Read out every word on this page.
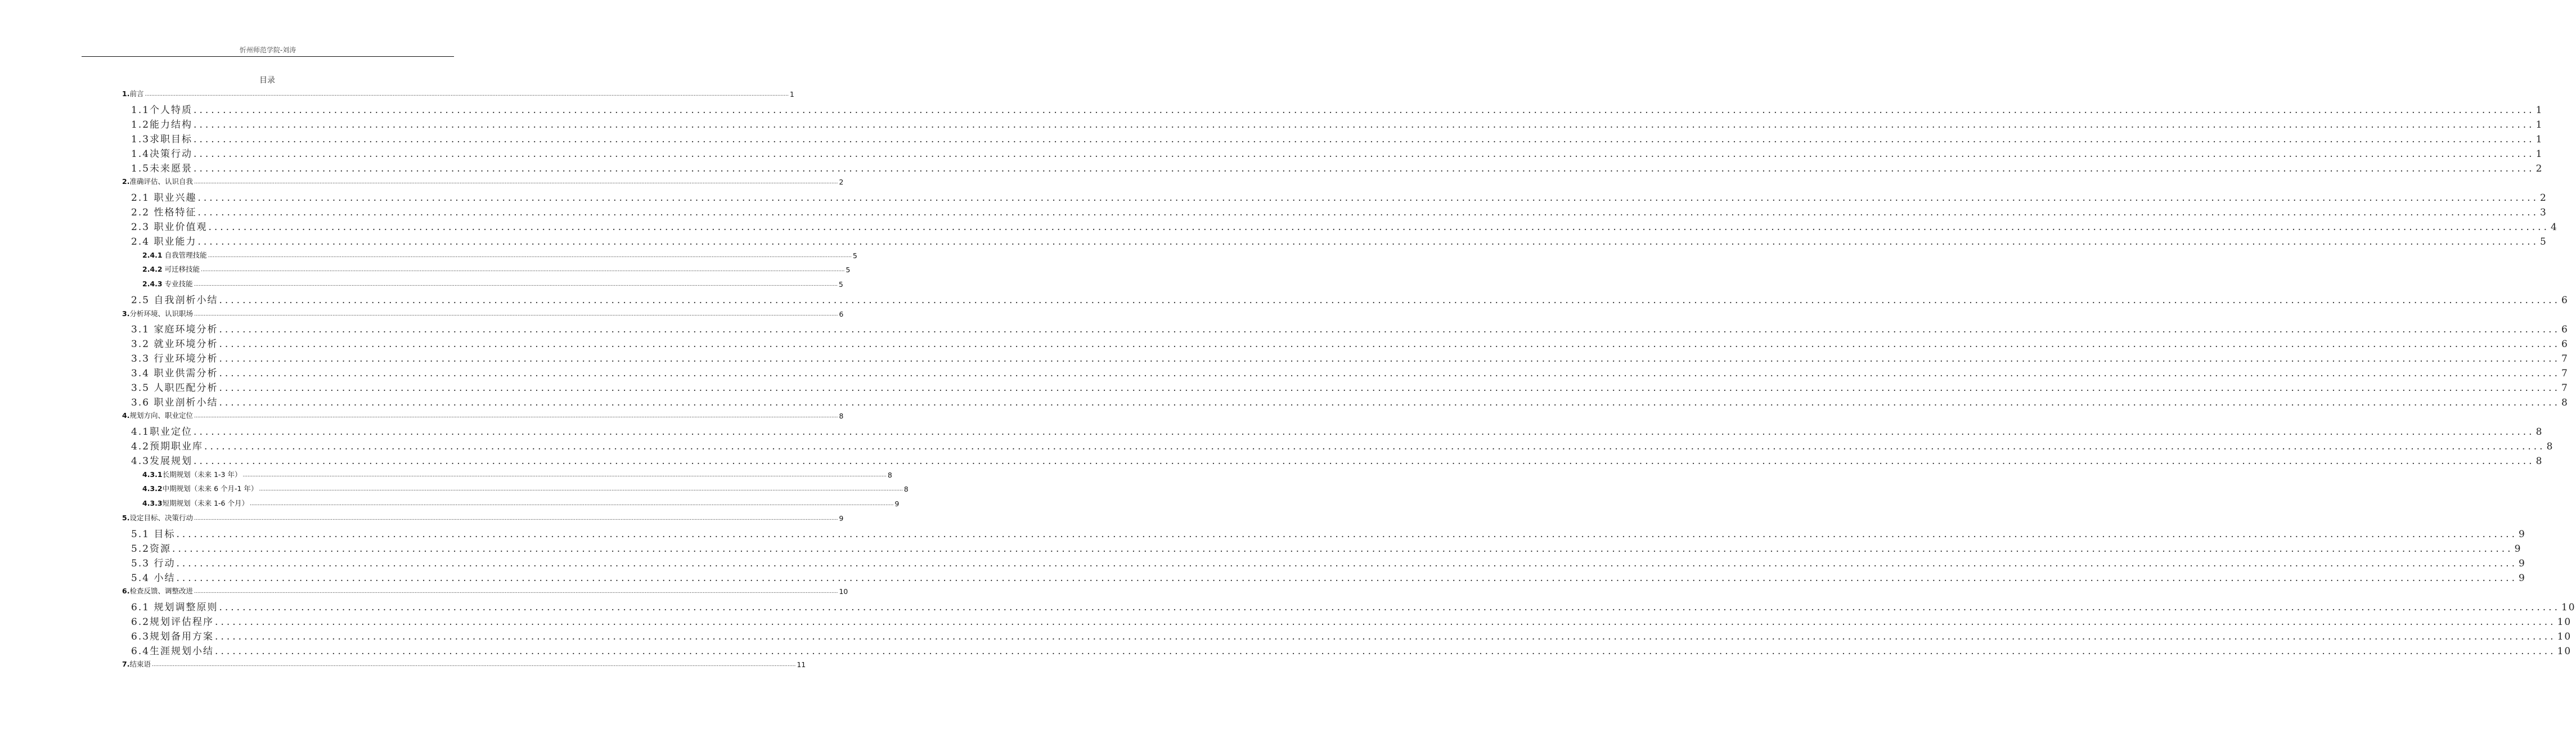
忻州师范学院-刘涛
目录
1.前言 ................................................................................................................................................................................................................................................................................................................................................................................................................ 1
1.1个人特质 ................................................................................................................................................................................................................................................................................................................................................................................................................ 1
1.2能力结构 ................................................................................................................................................................................................................................................................................................................................................................................................................ 1
1.3求职目标 ................................................................................................................................................................................................................................................................................................................................................................................................................ 1
1.4决策行动 ................................................................................................................................................................................................................................................................................................................................................................................................................ 1
1.5未来愿景 ................................................................................................................................................................................................................................................................................................................................................................................................................ 2
2.准确评估、认识自我 ................................................................................................................................................................................................................................................................................................................................................................................................................ 2
2.1 职业兴趣 ................................................................................................................................................................................................................................................................................................................................................................................................................ 2
2.2 性格特征 ................................................................................................................................................................................................................................................................................................................................................................................................................ 3
2.3 职业价值观 ................................................................................................................................................................................................................................................................................................................................................................................................................ 4
2.4 职业能力 ................................................................................................................................................................................................................................................................................................................................................................................................................ 5
2.4.1 自我管理技能 ................................................................................................................................................................................................................................................................................................................................................................................................................ 5
2.4.2 可迁移技能 ................................................................................................................................................................................................................................................................................................................................................................................................................ 5
2.4.3 专业技能 ................................................................................................................................................................................................................................................................................................................................................................................................................ 5
2.5 自我剖析小结 ................................................................................................................................................................................................................................................................................................................................................................................................................ 6
3.分析环境、认识职场 ................................................................................................................................................................................................................................................................................................................................................................................................................ 6
3.1 家庭环境分析 ................................................................................................................................................................................................................................................................................................................................................................................................................ 6
3.2 就业环境分析 ................................................................................................................................................................................................................................................................................................................................................................................................................ 6
3.3 行业环境分析 ................................................................................................................................................................................................................................................................................................................................................................................................................ 7
3.4 职业供需分析 ................................................................................................................................................................................................................................................................................................................................................................................................................ 7
3.5 人职匹配分析 ................................................................................................................................................................................................................................................................................................................................................................................................................ 7
3.6 职业剖析小结 ................................................................................................................................................................................................................................................................................................................................................................................................................ 8
4.规划方向、职业定位 ................................................................................................................................................................................................................................................................................................................................................................................................................ 8
4.1职业定位 ................................................................................................................................................................................................................................................................................................................................................................................................................ 8
4.2预期职业库 ................................................................................................................................................................................................................................................................................................................................................................................................................ 8
4.3发展规划 ................................................................................................................................................................................................................................................................................................................................................................................................................ 8
4.3.1长期规划（未来 1-3 年） ................................................................................................................................................................................................................................................................................................................................................................................................................ 8
4.3.2中期规划（未来 6 个月-1 年） ................................................................................................................................................................................................................................................................................................................................................................................................................ 8
4.3.3短期规划（未来 1-6 个月） ................................................................................................................................................................................................................................................................................................................................................................................................................ 9
5.设定目标、决策行动 ................................................................................................................................................................................................................................................................................................................................................................................................................ 9
5.1 目标 ................................................................................................................................................................................................................................................................................................................................................................................................................ 9
5.2资源 ................................................................................................................................................................................................................................................................................................................................................................................................................ 9
5.3 行动 ................................................................................................................................................................................................................................................................................................................................................................................................................ 9
5.4 小结 ................................................................................................................................................................................................................................................................................................................................................................................................................ 9
6.检查反馈、调整改进 ................................................................................................................................................................................................................................................................................................................................................................................................................ 10
6.1 规划调整原则 ................................................................................................................................................................................................................................................................................................................................................................................................................ 10
6.2规划评估程序 ................................................................................................................................................................................................................................................................................................................................................................................................................ 10
6.3规划备用方案 ................................................................................................................................................................................................................................................................................................................................................................................................................ 10
6.4生涯规划小结 ................................................................................................................................................................................................................................................................................................................................................................................................................ 10
7.结束语 ................................................................................................................................................................................................................................................................................................................................................................................................................ 11
